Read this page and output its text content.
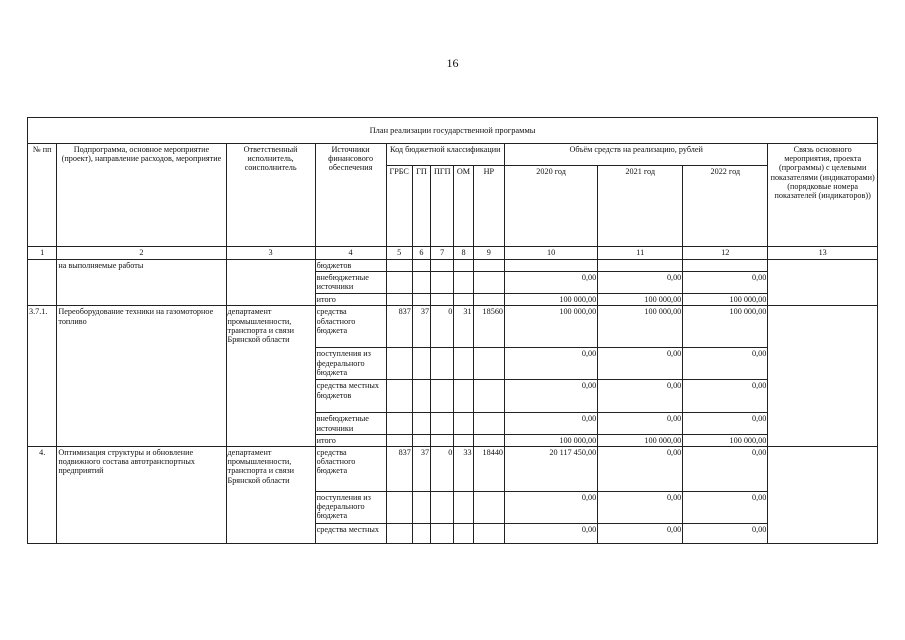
16
План реализации государственной программы												
№ пп	Подпрограмма, основное мероприятие (проект), направление расходов, мероприятие	Ответственный исполнитель, соисполнитель	Источники финансового обеспечения	Код бюджетной классификации					Объём средств на реализацию, рублей			Связь основного мероприятия, проекта (программы) с целевыми показателями (индикаторами) (порядковые номера показателей (индикаторов))
				ГРБС	ГП	ПГП	ОМ	НР	2020 год	2021 год	2022 год	
1	2	3	4	5	6	7	8	9	10	11	12	13
	на выполняемые работы		бюджетов									
			внебюджетные источники						0,00	0,00	0,00	
			итого						100 000,00	100 000,00	100 000,00	
3.7.1.	Переоборудование техники на газомоторное топливо	департамент промышленности, транспорта и связи Брянской области	средства областного бюджета	837	37	0	31	18560	100 000,00	100 000,00	100 000,00	
			поступления из федерального бюджета						0,00	0,00	0,00	
			средства местных бюджетов						0,00	0,00	0,00	
			внебюджетные источники						0,00	0,00	0,00	
			итого						100 000,00	100 000,00	100 000,00	
4.	Оптимизация структуры и обновление подвижного состава автотранспортных предприятий	департамент промышленности, транспорта и связи Брянской области	средства областного бюджета	837	37	0	33	18440	20 117 450,00	0,00	0,00	
			поступления из федерального бюджета						0,00	0,00	0,00	
			средства местных						0,00	0,00	0,00	
